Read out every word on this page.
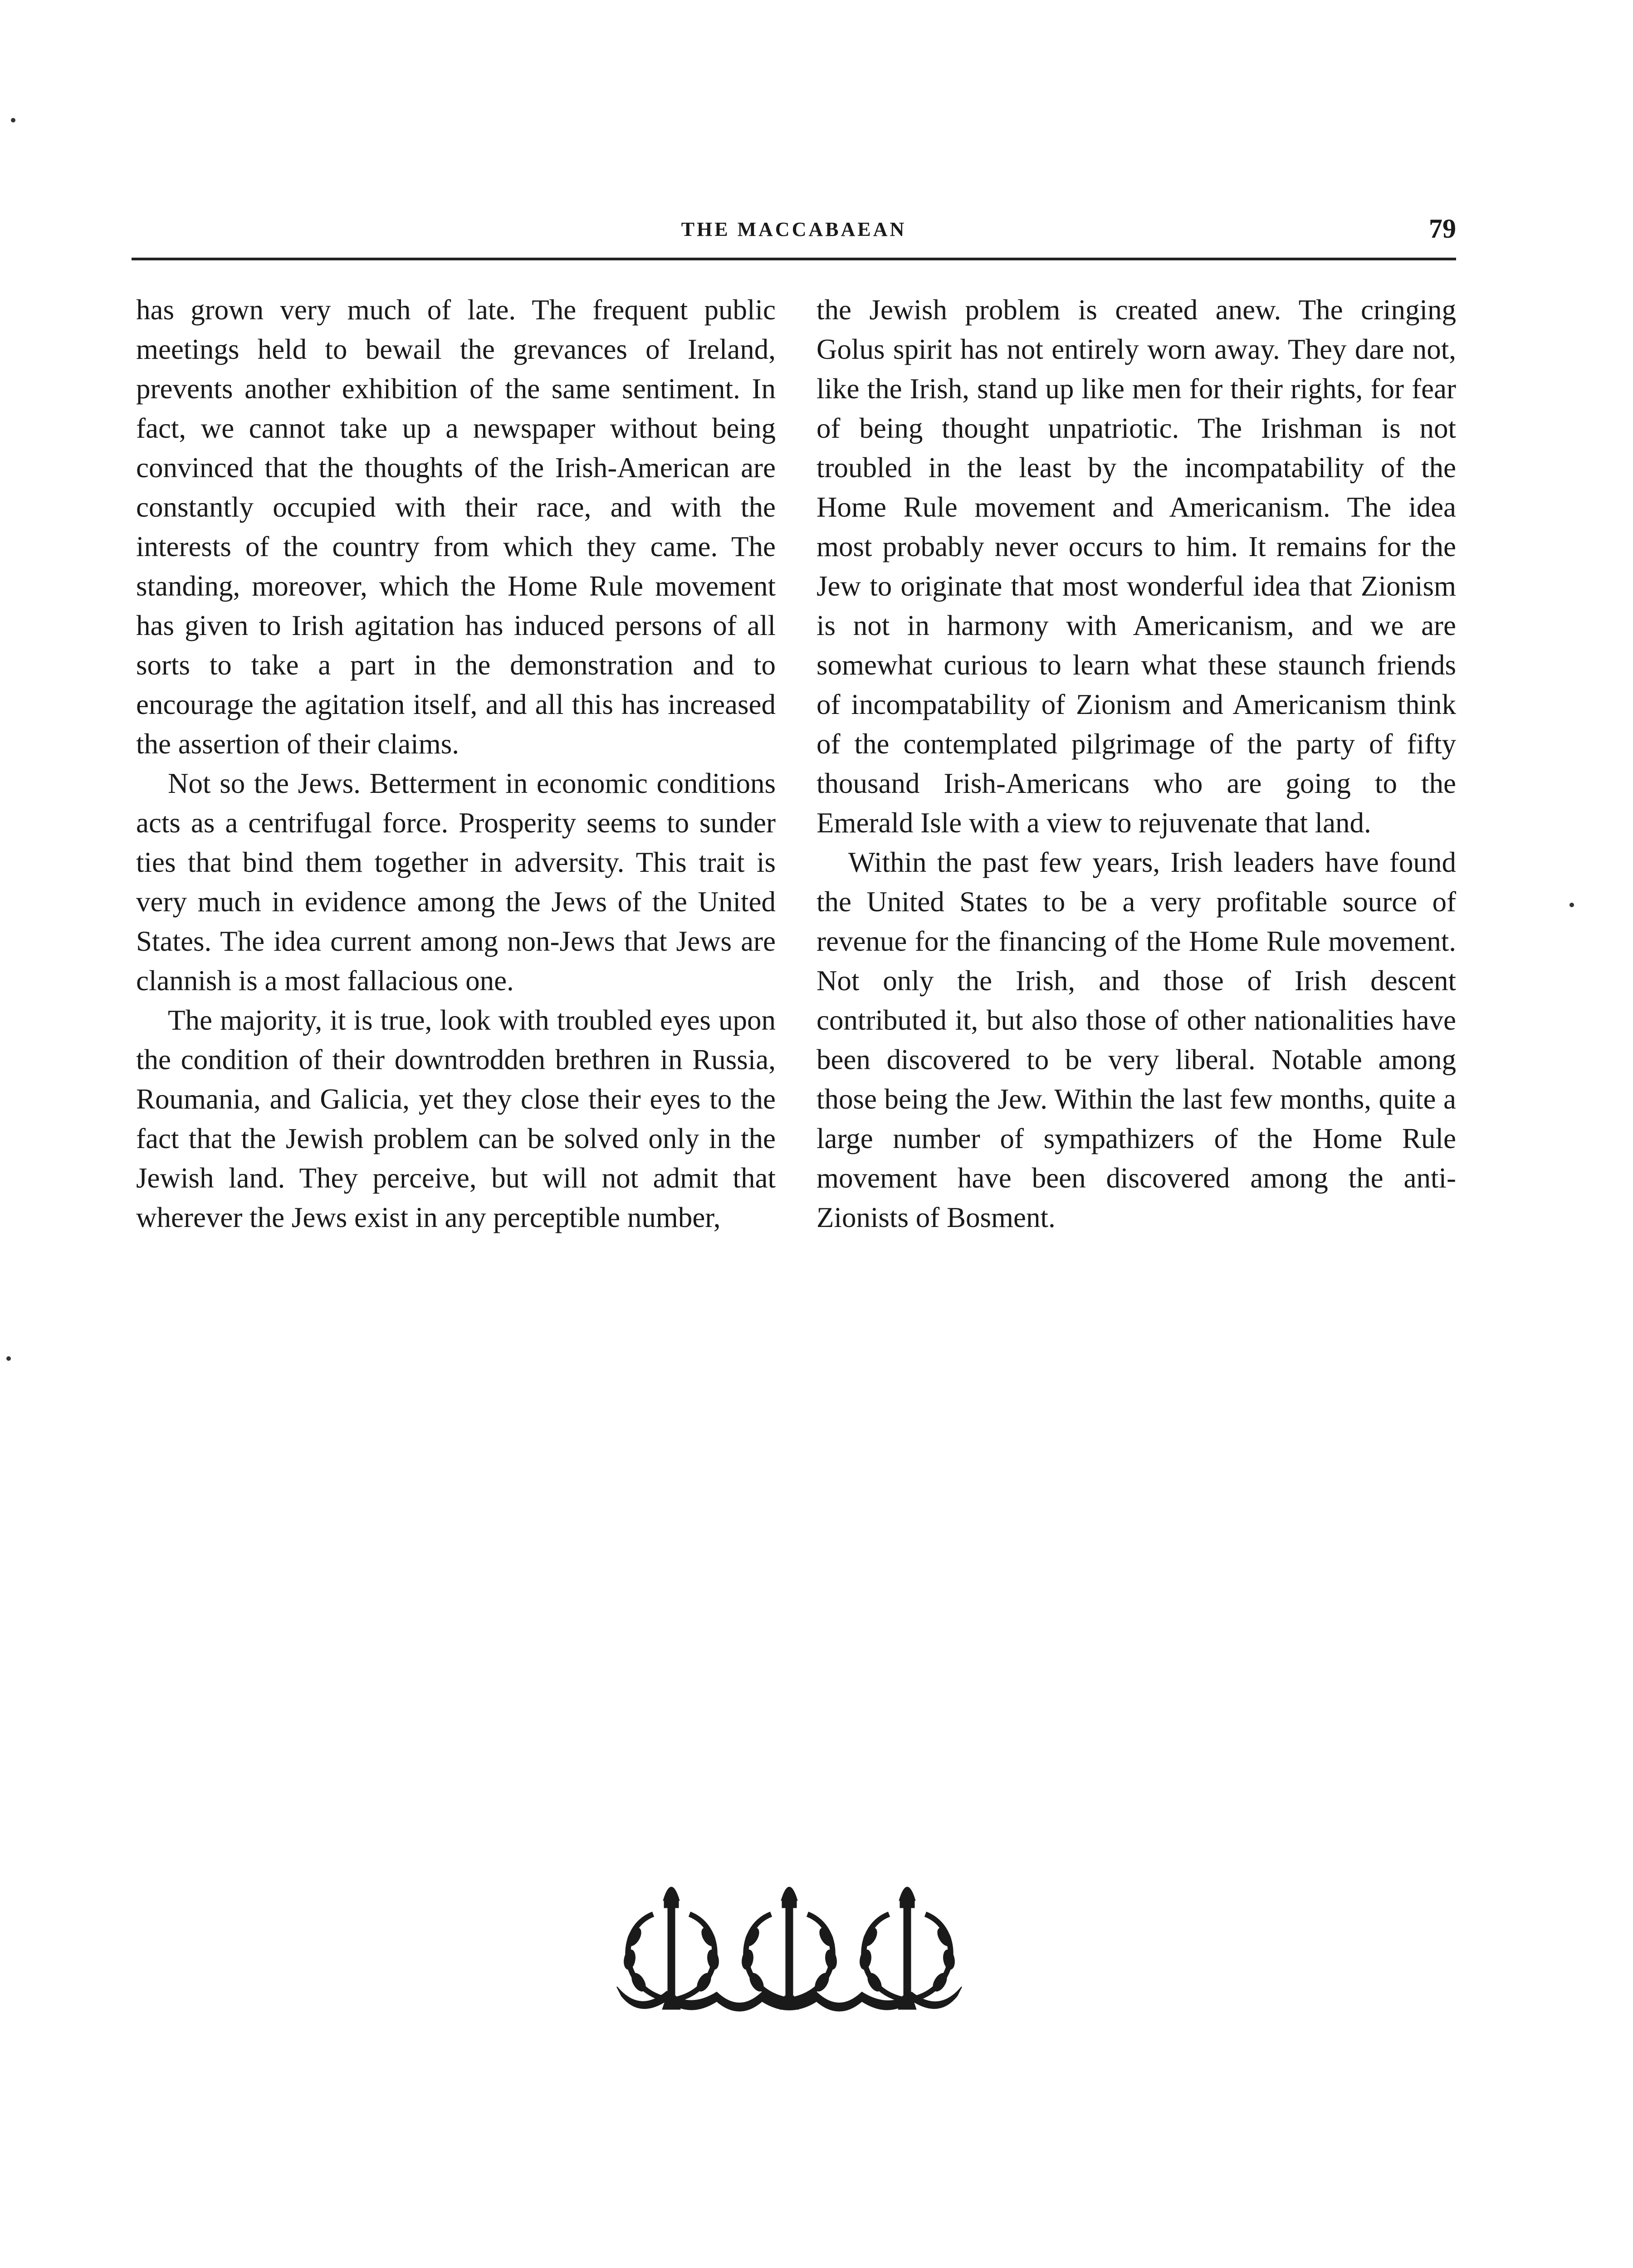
THE MACCABAEAN	79

has grown very much of late. The frequent public meetings held to bewail the grevances of Ireland, prevents another exhibition of the same sentiment. In fact, we cannot take up a newspaper without being convinced that the thoughts of the Irish-American are constantly occupied with their race, and with the interests of the country from which they came. The standing, moreover, which the Home Rule movement has given to Irish agitation has induced persons of all sorts to take a part in the demonstration and to encourage the agitation itself, and all this has increased the assertion of their claims.

Not so the Jews. Betterment in economic conditions acts as a centrifugal force. Prosperity seems to sunder ties that bind them together in adversity. This trait is very much in evidence among the Jews of the United States. The idea current among non-Jews that Jews are clannish is a most fallacious one.

The majority, it is true, look with troubled eyes upon the condition of their downtrodden brethren in Russia, Roumania, and Galicia, yet they close their eyes to the fact that the Jewish problem can be solved only in the Jewish land. They perceive, but will not admit that wherever the Jews exist in any perceptible number,

the Jewish problem is created anew. The cringing Golus spirit has not entirely worn away. They dare not, like the Irish, stand up like men for their rights, for fear of being thought unpatriotic. The Irishman is not troubled in the least by the incompatability of the Home Rule movement and Americanism. The idea most probably never occurs to him. It remains for the Jew to originate that most wonderful idea that Zionism is not in harmony with Americanism, and we are somewhat curious to learn what these staunch friends of incompatability of Zionism and Americanism think of the contemplated pilgrimage of the party of fifty thousand Irish-Americans who are going to the Emerald Isle with a view to rejuvenate that land.

Within the past few years, Irish leaders have found the United States to be a very profitable source of revenue for the financing of the Home Rule movement. Not only the Irish, and those of Irish descent contributed it, but also those of other nationalities have been discovered to be very liberal. Notable among those being the Jew. Within the last few months, quite a large number of sympathizers of the Home Rule movement have been discovered among the anti-Zionists of Bosment.
